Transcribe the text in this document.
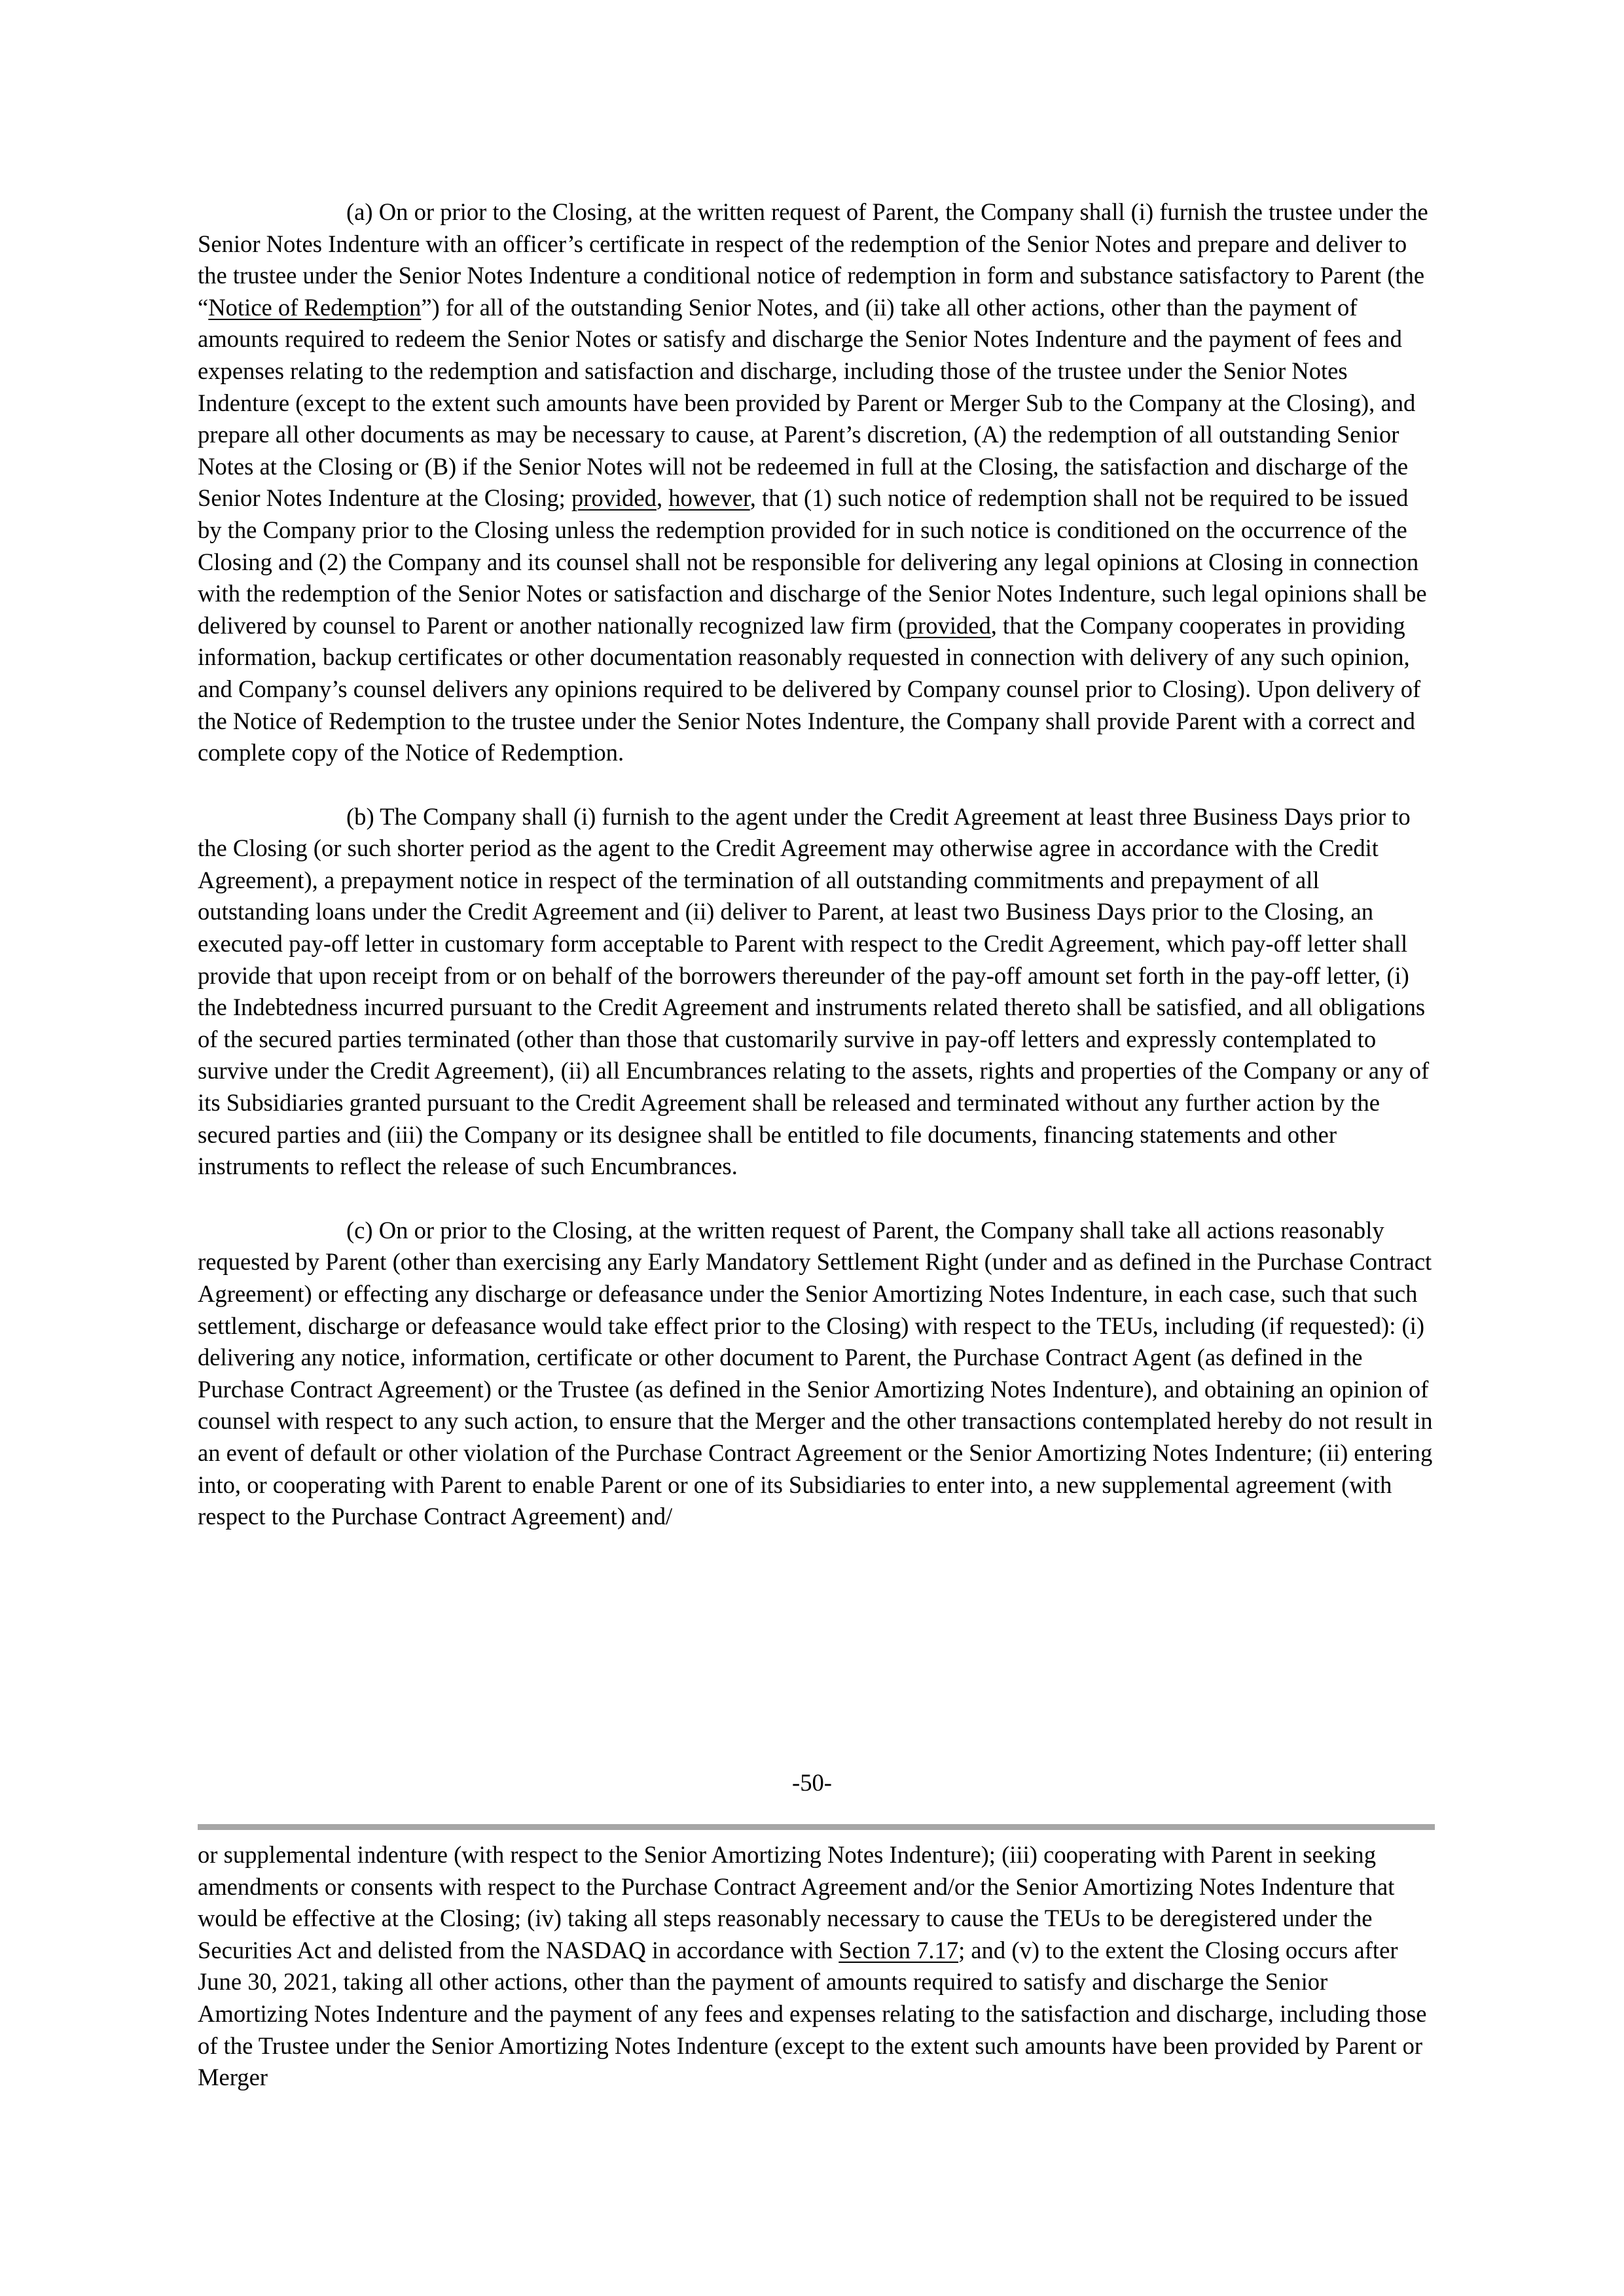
(a) On or prior to the Closing, at the written request of Parent, the Company shall (i) furnish the trustee under the Senior Notes Indenture with an officer’s certificate in respect of the redemption of the Senior Notes and prepare and deliver to the trustee under the Senior Notes Indenture a conditional notice of redemption in form and substance satisfactory to Parent (the “Notice of Redemption”) for all of the outstanding Senior Notes, and (ii) take all other actions, other than the payment of amounts required to redeem the Senior Notes or satisfy and discharge the Senior Notes Indenture and the payment of fees and expenses relating to the redemption and satisfaction and discharge, including those of the trustee under the Senior Notes Indenture (except to the extent such amounts have been provided by Parent or Merger Sub to the Company at the Closing), and prepare all other documents as may be necessary to cause, at Parent’s discretion, (A) the redemption of all outstanding Senior Notes at the Closing or (B) if the Senior Notes will not be redeemed in full at the Closing, the satisfaction and discharge of the Senior Notes Indenture at the Closing; provided, however, that (1) such notice of redemption shall not be required to be issued by the Company prior to the Closing unless the redemption provided for in such notice is conditioned on the occurrence of the Closing and (2) the Company and its counsel shall not be responsible for delivering any legal opinions at Closing in connection with the redemption of the Senior Notes or satisfaction and discharge of the Senior Notes Indenture, such legal opinions shall be delivered by counsel to Parent or another nationally recognized law firm (provided, that the Company cooperates in providing information, backup certificates or other documentation reasonably requested in connection with delivery of any such opinion, and Company’s counsel delivers any opinions required to be delivered by Company counsel prior to Closing). Upon delivery of the Notice of Redemption to the trustee under the Senior Notes Indenture, the Company shall provide Parent with a correct and complete copy of the Notice of Redemption.

(b) The Company shall (i) furnish to the agent under the Credit Agreement at least three Business Days prior to the Closing (or such shorter period as the agent to the Credit Agreement may otherwise agree in accordance with the Credit Agreement), a prepayment notice in respect of the termination of all outstanding commitments and prepayment of all outstanding loans under the Credit Agreement and (ii) deliver to Parent, at least two Business Days prior to the Closing, an executed pay-off letter in customary form acceptable to Parent with respect to the Credit Agreement, which pay-off letter shall provide that upon receipt from or on behalf of the borrowers thereunder of the pay-off amount set forth in the pay-off letter, (i) the Indebtedness incurred pursuant to the Credit Agreement and instruments related thereto shall be satisfied, and all obligations of the secured parties terminated (other than those that customarily survive in pay-off letters and expressly contemplated to survive under the Credit Agreement), (ii) all Encumbrances relating to the assets, rights and properties of the Company or any of its Subsidiaries granted pursuant to the Credit Agreement shall be released and terminated without any further action by the secured parties and (iii) the Company or its designee shall be entitled to file documents, financing statements and other instruments to reflect the release of such Encumbrances.

(c) On or prior to the Closing, at the written request of Parent, the Company shall take all actions reasonably requested by Parent (other than exercising any Early Mandatory Settlement Right (under and as defined in the Purchase Contract Agreement) or effecting any discharge or defeasance under the Senior Amortizing Notes Indenture, in each case, such that such settlement, discharge or defeasance would take effect prior to the Closing) with respect to the TEUs, including (if requested): (i) delivering any notice, information, certificate or other document to Parent, the Purchase Contract Agent (as defined in the Purchase Contract Agreement) or the Trustee (as defined in the Senior Amortizing Notes Indenture), and obtaining an opinion of counsel with respect to any such action, to ensure that the Merger and the other transactions contemplated hereby do not result in an event of default or other violation of the Purchase Contract Agreement or the Senior Amortizing Notes Indenture; (ii) entering into, or cooperating with Parent to enable Parent or one of its Subsidiaries to enter into, a new supplemental agreement (with respect to the Purchase Contract Agreement) and/

-50-

or supplemental indenture (with respect to the Senior Amortizing Notes Indenture); (iii) cooperating with Parent in seeking amendments or consents with respect to the Purchase Contract Agreement and/or the Senior Amortizing Notes Indenture that would be effective at the Closing; (iv) taking all steps reasonably necessary to cause the TEUs to be deregistered under the Securities Act and delisted from the NASDAQ in accordance with Section 7.17; and (v) to the extent the Closing occurs after June 30, 2021, taking all other actions, other than the payment of amounts required to satisfy and discharge the Senior Amortizing Notes Indenture and the payment of any fees and expenses relating to the satisfaction and discharge, including those of the Trustee under the Senior Amortizing Notes Indenture (except to the extent such amounts have been provided by Parent or Merger
